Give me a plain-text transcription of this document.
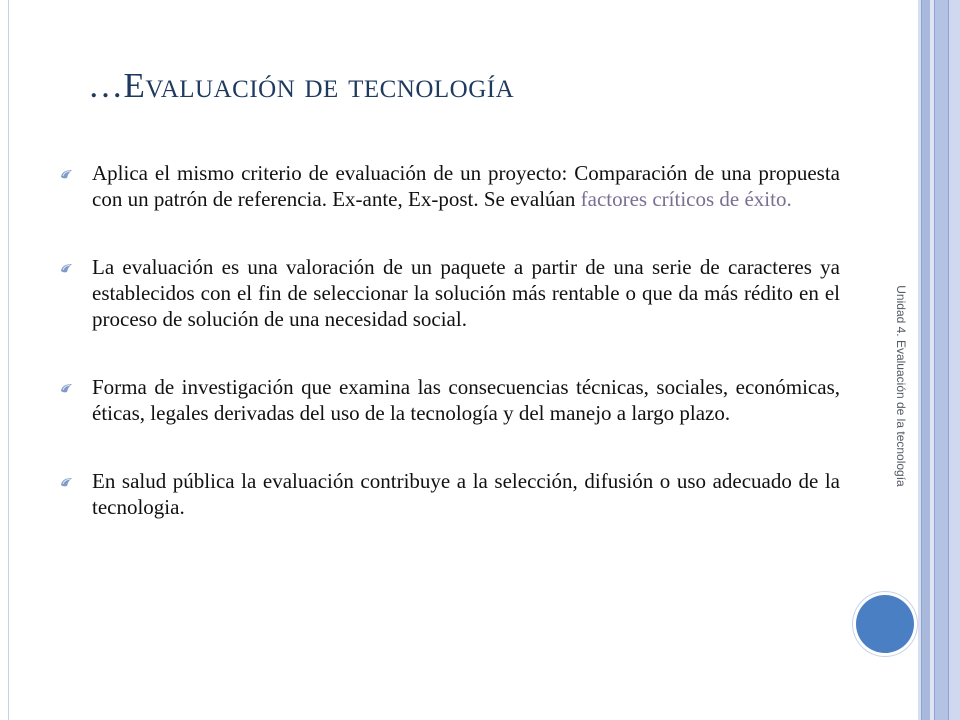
…Evaluación de tecnología
Aplica el mismo criterio de evaluación de un proyecto: Comparación de una propuesta con un patrón de referencia. Ex-ante, Ex-post. Se evalúan factores críticos de éxito.
La evaluación es una valoración de un paquete a partir de una serie de caracteres ya establecidos con el fin de seleccionar la solución más rentable o que da más rédito en el proceso de solución de una necesidad social.
Forma de investigación que examina las consecuencias técnicas, sociales, económicas, éticas, legales derivadas del uso de la tecnología y del manejo a largo plazo.
En salud pública la evaluación contribuye a la selección, difusión o uso adecuado de la tecnologia.
Unidad 4. Evaluación de la tecnología
